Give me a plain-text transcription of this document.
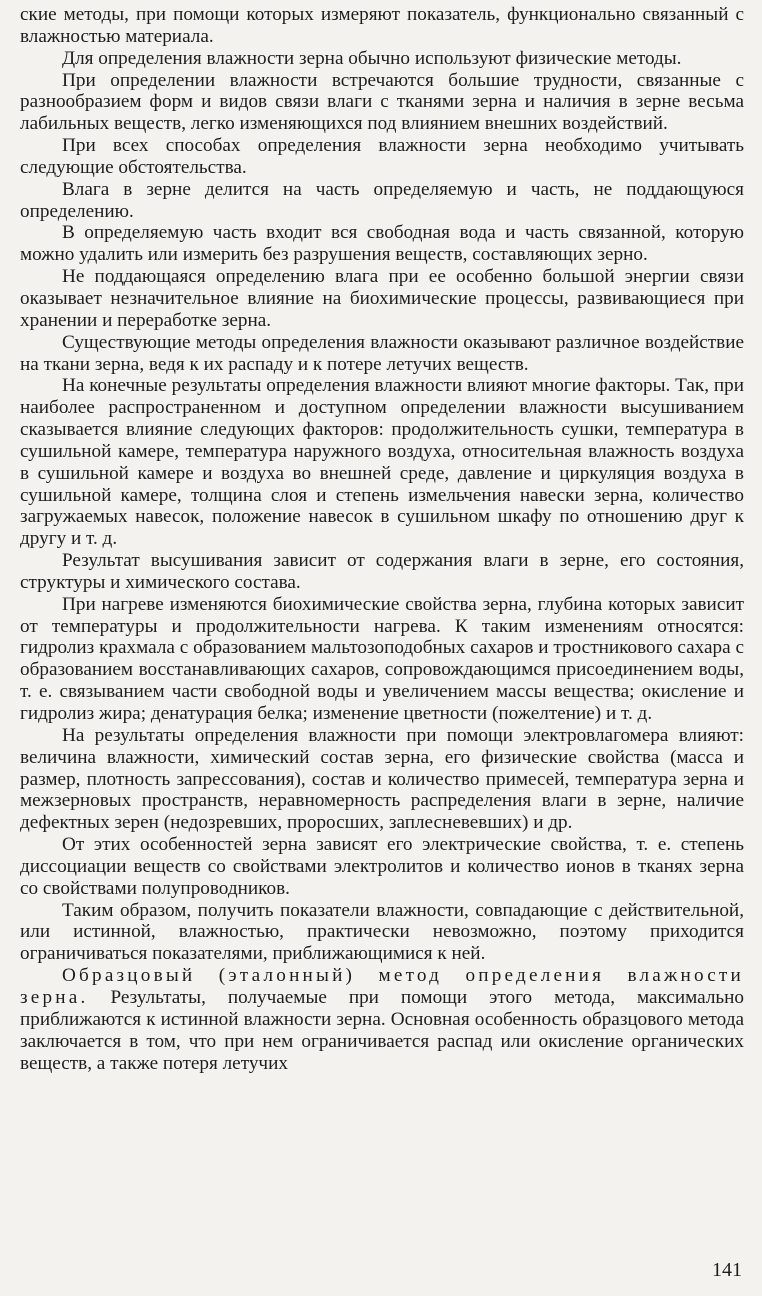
ские методы, при помощи которых измеряют показатель, функционально связанный с влажностью материала.

Для определения влажности зерна обычно используют физические методы.

При определении влажности встречаются большие трудности, связанные с разнообразием форм и видов связи влаги с тканями зерна и наличия в зерне весьма лабильных веществ, легко изменяющихся под влиянием внешних воздействий.

При всех способах определения влажности зерна необходимо учитывать следующие обстоятельства.

Влага в зерне делится на часть определяемую и часть, не поддающуюся определению.

В определяемую часть входит вся свободная вода и часть связанной, которую можно удалить или измерить без разрушения веществ, составляющих зерно.

Не поддающаяся определению влага при ее особенно большой энергии связи оказывает незначительное влияние на биохимические процессы, развивающиеся при хранении и переработке зерна.

Существующие методы определения влажности оказывают различное воздействие на ткани зерна, ведя к их распаду и к потере летучих веществ.

На конечные результаты определения влажности влияют многие факторы. Так, при наиболее распространенном и доступном определении влажности высушиванием сказывается влияние следующих факторов: продолжительность сушки, температура в сушильной камере, температура наружного воздуха, относительная влажность воздуха в сушильной камере и воздуха во внешней среде, давление и циркуляция воздуха в сушильной камере, толщина слоя и степень измельчения навески зерна, количество загружаемых навесок, положение навесок в сушильном шкафу по отношению друг к другу и т. д.

Результат высушивания зависит от содержания влаги в зерне, его состояния, структуры и химического состава.

При нагреве изменяются биохимические свойства зерна, глубина которых зависит от температуры и продолжительности нагрева. К таким изменениям относятся: гидролиз крахмала с образованием мальтозоподобных сахаров и тростникового сахара с образованием восстанавливающих сахаров, сопровождающимся присоединением воды, т. е. связыванием части свободной воды и увеличением массы вещества; окисление и гидролиз жира; денатурация белка; изменение цветности (пожелтение) и т. д.

На результаты определения влажности при помощи электровлагомера влияют: величина влажности, химический состав зерна, его физические свойства (масса и размер, плотность запрессования), состав и количество примесей, температура зерна и межзерновых пространств, неравномерность распределения влаги в зерне, наличие дефектных зерен (недозревших, проросших, заплесневевших) и др.

От этих особенностей зерна зависят его электрические свойства, т. е. степень диссоциации веществ со свойствами электролитов и количество ионов в тканях зерна со свойствами полупроводников.

Таким образом, получить показатели влажности, совпадающие с действительной, или истинной, влажностью, практически невозможно, поэтому приходится ограничиваться показателями, приближающимися к ней.

Образцовый (эталонный) метод определения влажности зерна. Результаты, получаемые при помощи этого метода, максимально приближаются к истинной влажности зерна. Основная особенность образцового метода заключается в том, что при нем ограничивается распад или окисление органических веществ, а также потеря летучих

141
